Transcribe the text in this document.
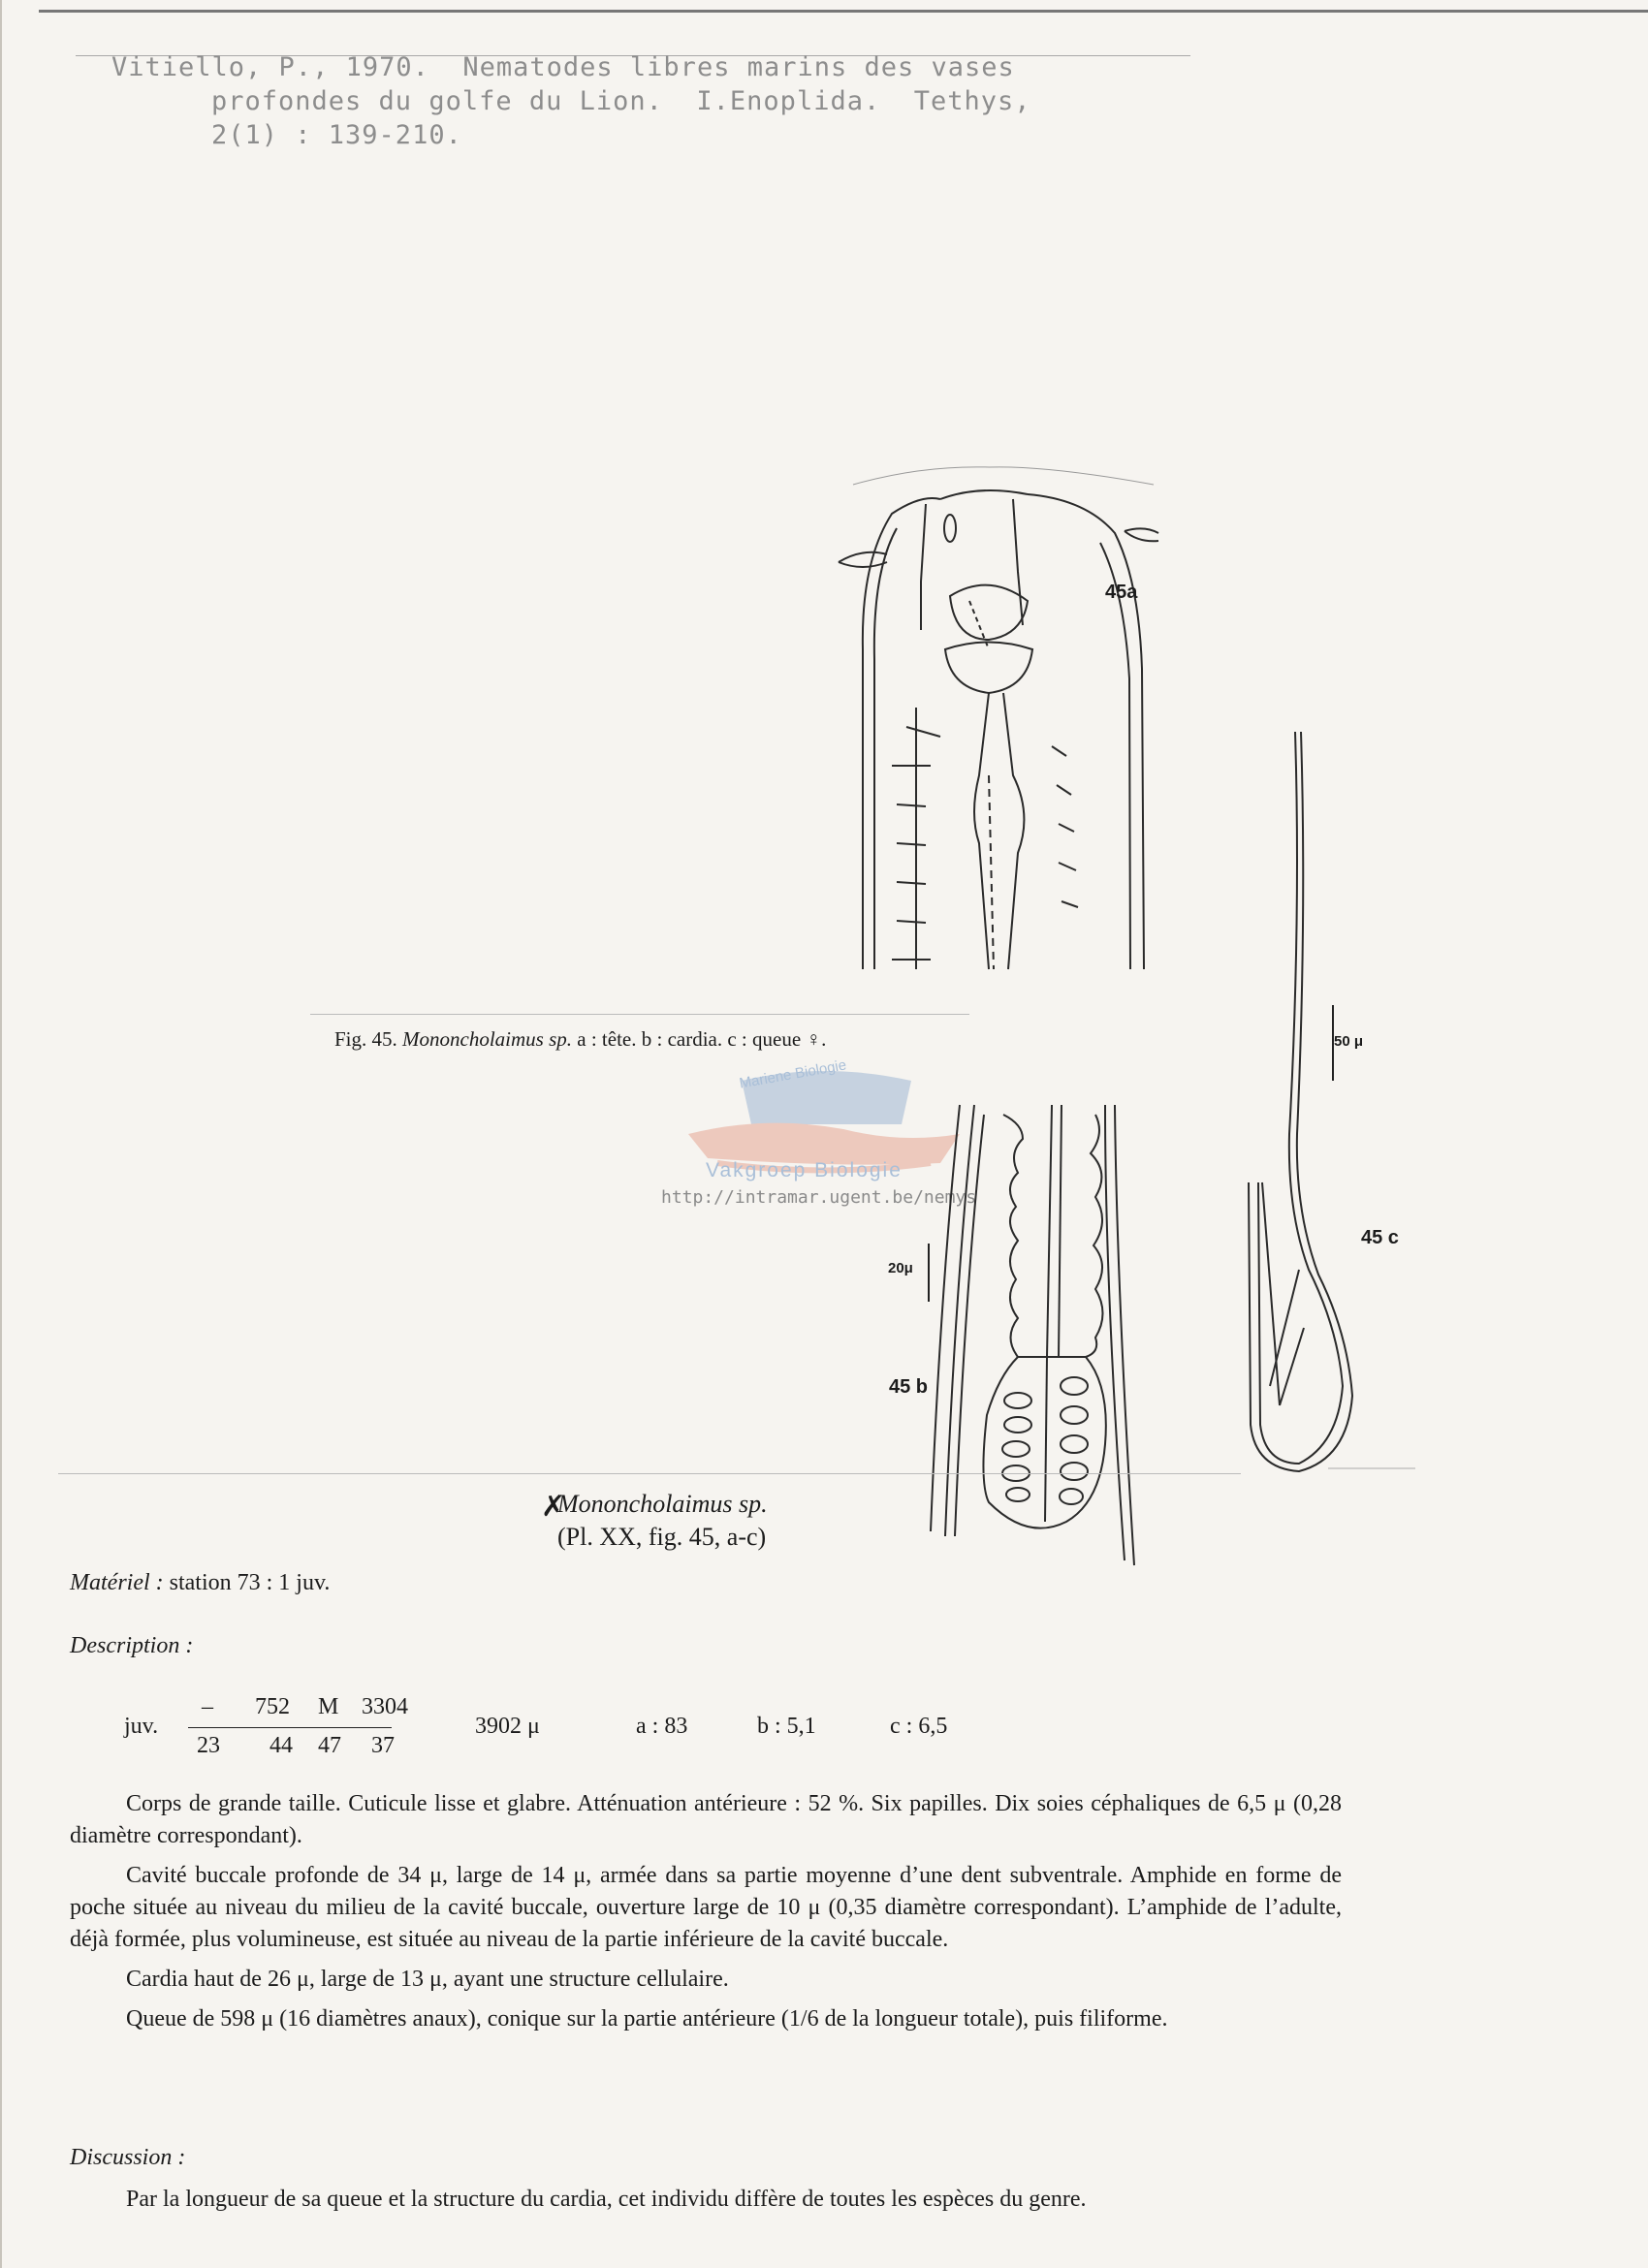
Vitiello, P., 1970.  Nematodes libres marins des vases
profondes du golfe du Lion.  I.Enoplida.  Tethys,
2(1) : 139-210.
45a
Fig. 45. Mononcholaimus sp. a : tête. b : cardia. c : queue ♀.
Mariene Biologie
Vakgroep Biologie
http://intramar.ugent.be/nemys
45 b
20μ
45 c
50 μ
✗
Mononcholaimus sp.
(Pl. XX, fig. 45, a-c)
Matériel : station 73 : 1 juv.
Description :
juv.
– 752 M 3304
23 44 47 37
3902 μ	a : 83	b : 5,1	c : 6,5

Corps de grande taille. Cuticule lisse et glabre. Atténuation antérieure : 52 %. Six papilles. Dix soies céphaliques de 6,5 μ (0,28 diamètre correspondant).

Cavité buccale profonde de 34 μ, large de 14 μ, armée dans sa partie moyenne d’une dent subventrale. Amphide en forme de poche située au niveau du milieu de la cavité buccale, ouverture large de 10 μ (0,35 diamètre correspondant). L’amphide de l’adulte, déjà formée, plus volumineuse, est située au niveau de la partie inférieure de la cavité buccale.

Cardia haut de 26 μ, large de 13 μ, ayant une structure cellulaire.

Queue de 598 μ (16 diamètres anaux), conique sur la partie antérieure (1/6 de la longueur totale), puis filiforme.

Discussion :

Par la longueur de sa queue et la structure du cardia, cet individu diffère de toutes les espèces du genre.
